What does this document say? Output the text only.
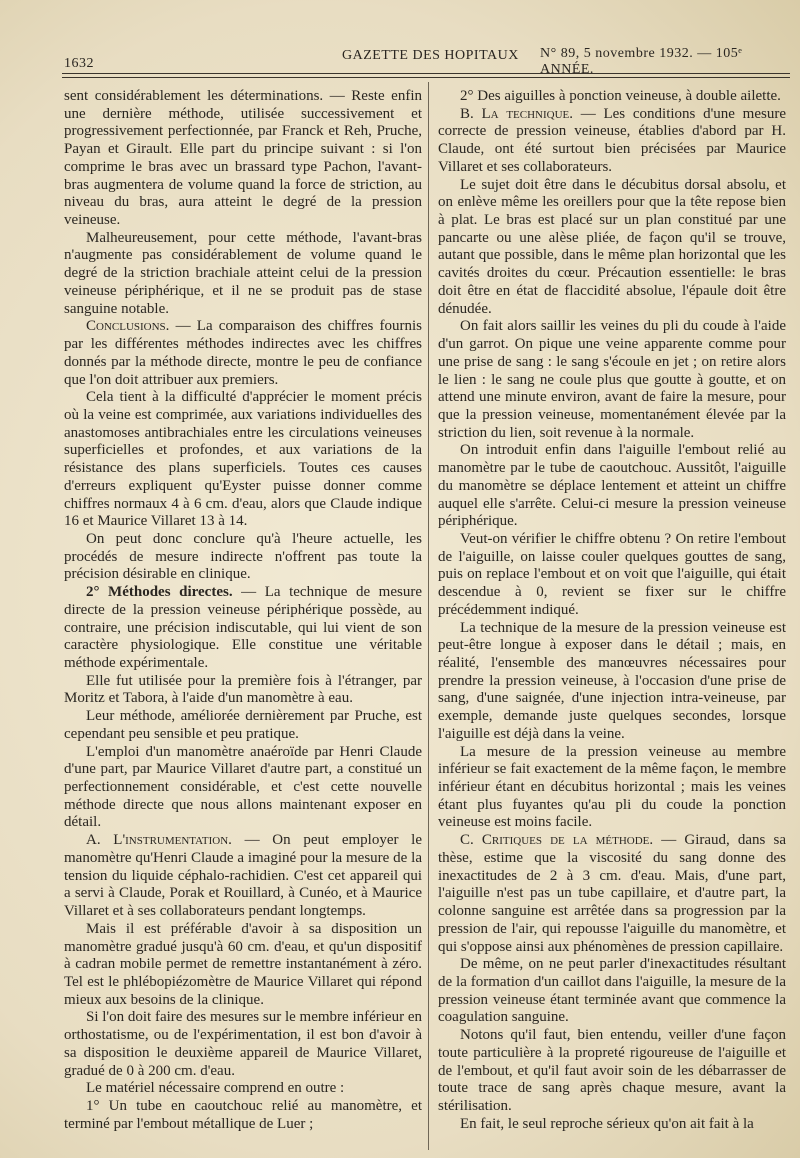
1632
GAZETTE DES HOPITAUX N° 89, 5 novembre 1932. — 105ᵉ ANNÉE.

sent considérablement les déterminations. — Reste enfin une dernière méthode, utilisée successivement et progressivement perfectionnée, par Franck et Reh, Pruche, Payan et Girault. Elle part du principe suivant : si l'on comprime le bras avec un brassard type Pachon, l'avant-bras augmentera de volume quand la force de striction, au niveau du bras, aura atteint le degré de la pression veineuse.

Malheureusement, pour cette méthode, l'avant-bras n'augmente pas considérablement de volume quand le degré de la striction brachiale atteint celui de la pression veineuse périphérique, et il ne se produit pas de stase sanguine notable.

Conclusions. — La comparaison des chiffres fournis par les différentes méthodes indirectes avec les chiffres donnés par la méthode directe, montre le peu de confiance que l'on doit attribuer aux premiers.

Cela tient à la difficulté d'apprécier le moment précis où la veine est comprimée, aux variations individuelles des anastomoses antibrachiales entre les circulations veineuses superficielles et profondes, et aux variations de la résistance des plans superficiels. Toutes ces causes d'erreurs expliquent qu'Eyster puisse donner comme chiffres normaux 4 à 6 cm. d'eau, alors que Claude indique 16 et Maurice Villaret 13 à 14.

On peut donc conclure qu'à l'heure actuelle, les procédés de mesure indirecte n'offrent pas toute la précision désirable en clinique.

2° Méthodes directes. — La technique de mesure directe de la pression veineuse périphérique possède, au contraire, une précision indiscutable, qui lui vient de son caractère physiologique. Elle constitue une véritable méthode expérimentale.

Elle fut utilisée pour la première fois à l'étranger, par Moritz et Tabora, à l'aide d'un manomètre à eau.

Leur méthode, améliorée dernièrement par Pruche, est cependant peu sensible et peu pratique.

L'emploi d'un manomètre anaéroïde par Henri Claude d'une part, par Maurice Villaret d'autre part, a constitué un perfectionnement considérable, et c'est cette nouvelle méthode directe que nous allons maintenant exposer en détail.

A. L'instrumentation. — On peut employer le manomètre qu'Henri Claude a imaginé pour la mesure de la tension du liquide céphalo-rachidien. C'est cet appareil qui a servi à Claude, Porak et Rouillard, à Cunéo, et à Maurice Villaret et à ses collaborateurs pendant longtemps.

Mais il est préférable d'avoir à sa disposition un manomètre gradué jusqu'à 60 cm. d'eau, et qu'un dispositif à cadran mobile permet de remettre instantanément à zéro. Tel est le phlébopiézomètre de Maurice Villaret qui répond mieux aux besoins de la clinique.

Si l'on doit faire des mesures sur le membre inférieur en orthostatisme, ou de l'expérimentation, il est bon d'avoir à sa disposition le deuxième appareil de Maurice Villaret, gradué de 0 à 200 cm. d'eau.

Le matériel nécessaire comprend en outre :

1° Un tube en caoutchouc relié au manomètre, et terminé par l'embout métallique de Luer ;

2° Des aiguilles à ponction veineuse, à double ailette.

B. La technique. — Les conditions d'une mesure correcte de pression veineuse, établies d'abord par H. Claude, ont été surtout bien précisées par Maurice Villaret et ses collaborateurs.

Le sujet doit être dans le décubitus dorsal absolu, et on enlève même les oreillers pour que la tête repose bien à plat. Le bras est placé sur un plan constitué par une pancarte ou une alèse pliée, de façon qu'il se trouve, autant que possible, dans le même plan horizontal que les cavités droites du cœur. Précaution essentielle: le bras doit être en état de flaccidité absolue, l'épaule doit être dénudée.

On fait alors saillir les veines du pli du coude à l'aide d'un garrot. On pique une veine apparente comme pour une prise de sang : le sang s'écoule en jet ; on retire alors le lien : le sang ne coule plus que goutte à goutte, et on attend une minute environ, avant de faire la mesure, pour que la pression veineuse, momentanément élevée par la striction du lien, soit revenue à la normale.

On introduit enfin dans l'aiguille l'embout relié au manomètre par le tube de caoutchouc. Aussitôt, l'aiguille du manomètre se déplace lentement et atteint un chiffre auquel elle s'arrête. Celui-ci mesure la pression veineuse périphérique.

Veut-on vérifier le chiffre obtenu ? On retire l'embout de l'aiguille, on laisse couler quelques gouttes de sang, puis on replace l'embout et on voit que l'aiguille, qui était descendue à 0, revient se fixer sur le chiffre précédemment indiqué.

La technique de la mesure de la pression veineuse est peut-être longue à exposer dans le détail ; mais, en réalité, l'ensemble des manœuvres nécessaires pour prendre la pression veineuse, à l'occasion d'une prise de sang, d'une saignée, d'une injection intra-veineuse, par exemple, demande juste quelques secondes, lorsque l'aiguille est déjà dans la veine.

La mesure de la pression veineuse au membre inférieur se fait exactement de la même façon, le membre inférieur étant en décubitus horizontal ; mais les veines étant plus fuyantes qu'au pli du coude la ponction veineuse est moins facile.

C. Critiques de la méthode. — Giraud, dans sa thèse, estime que la viscosité du sang donne des inexactitudes de 2 à 3 cm. d'eau. Mais, d'une part, l'aiguille n'est pas un tube capillaire, et d'autre part, la colonne sanguine est arrêtée dans sa progression par la pression de l'air, qui repousse l'aiguille du manomètre, et qui s'oppose ainsi aux phénomènes de pression capillaire.

De même, on ne peut parler d'inexactitudes résultant de la formation d'un caillot dans l'aiguille, la mesure de la pression veineuse étant terminée avant que commence la coagulation sanguine.

Notons qu'il faut, bien entendu, veiller d'une façon toute particulière à la propreté rigoureuse de l'aiguille et de l'embout, et qu'il faut avoir soin de les débarrasser de toute trace de sang après chaque mesure, avant la stérilisation.

En fait, le seul reproche sérieux qu'on ait fait à la
